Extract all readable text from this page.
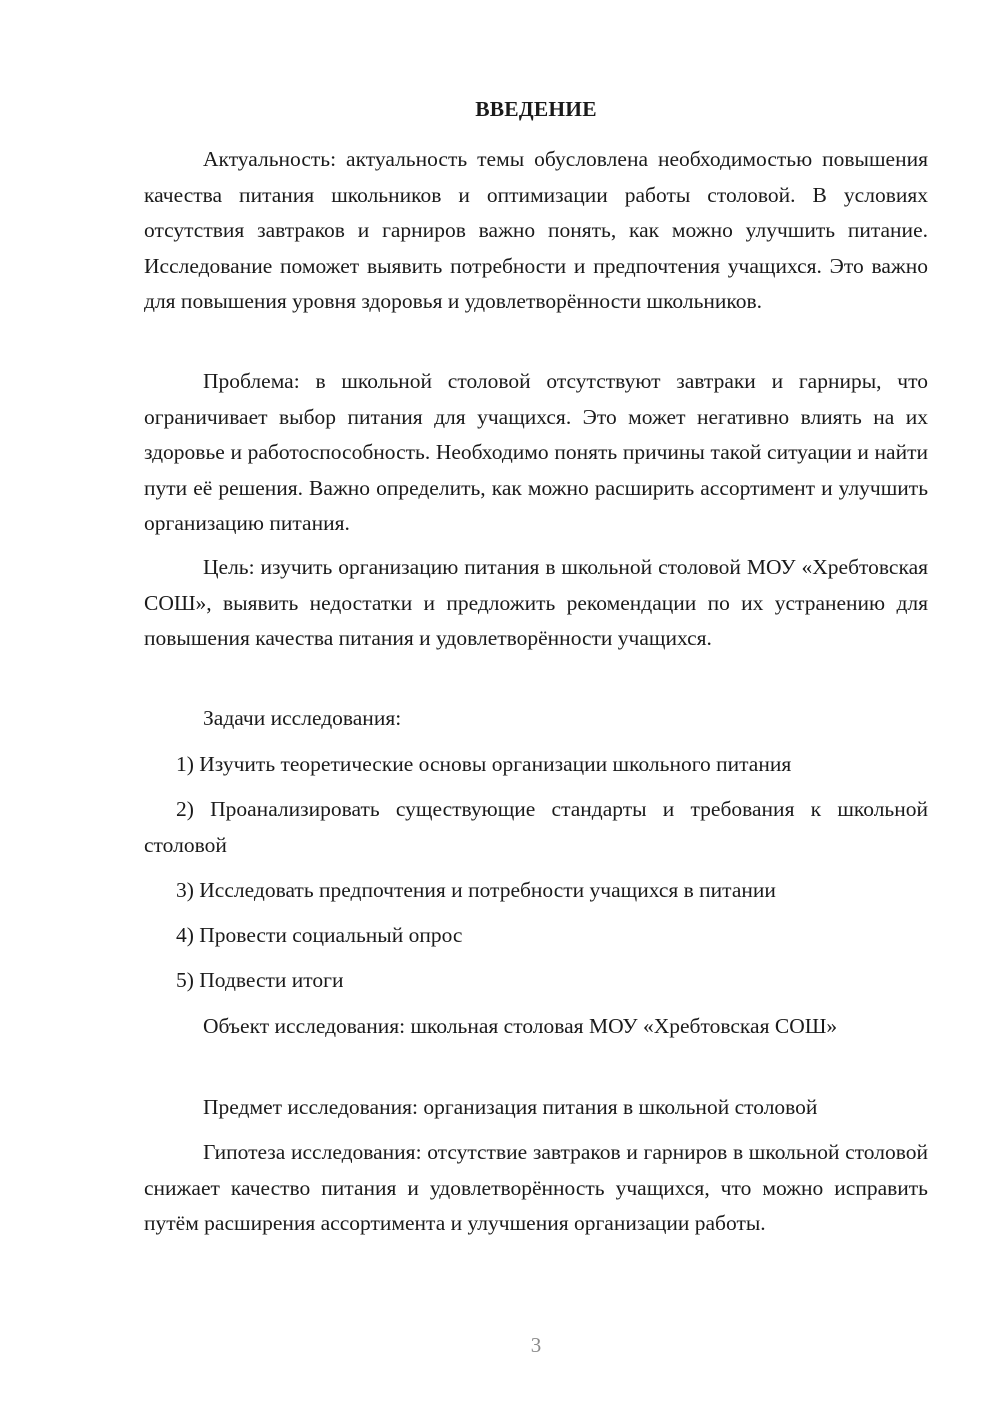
ВВЕДЕНИЕ

Актуальность: актуальность темы обусловлена необходимостью повышения качества питания школьников и оптимизации работы столовой. В условиях отсутствия завтраков и гарниров важно понять, как можно улучшить питание. Исследование поможет выявить потребности и предпочтения учащихся. Это важно для повышения уровня здоровья и удовлетворённости школьников.

Проблема: в школьной столовой отсутствуют завтраки и гарниры, что ограничивает выбор питания для учащихся. Это может негативно влиять на их здоровье и работоспособность. Необходимо понять причины такой ситуации и найти пути её решения. Важно определить, как можно расширить ассортимент и улучшить организацию питания.

Цель: изучить организацию питания в школьной столовой МОУ «Хребтовская СОШ», выявить недостатки и предложить рекомендации по их устранению для повышения качества питания и удовлетворённости учащихся.

Задачи исследования:

1) Изучить теоретические основы организации школьного питания

2) Проанализировать существующие стандарты и требования к школьной столовой

3) Исследовать предпочтения и потребности учащихся в питании

4) Провести социальный опрос

5) Подвести итоги

Объект исследования: школьная столовая МОУ «Хребтовская СОШ»

Предмет исследования: организация питания в школьной столовой

Гипотеза исследования: отсутствие завтраков и гарниров в школьной столовой снижает качество питания и удовлетворённость учащихся, что можно исправить путём расширения ассортимента и улучшения организации работы.

3
